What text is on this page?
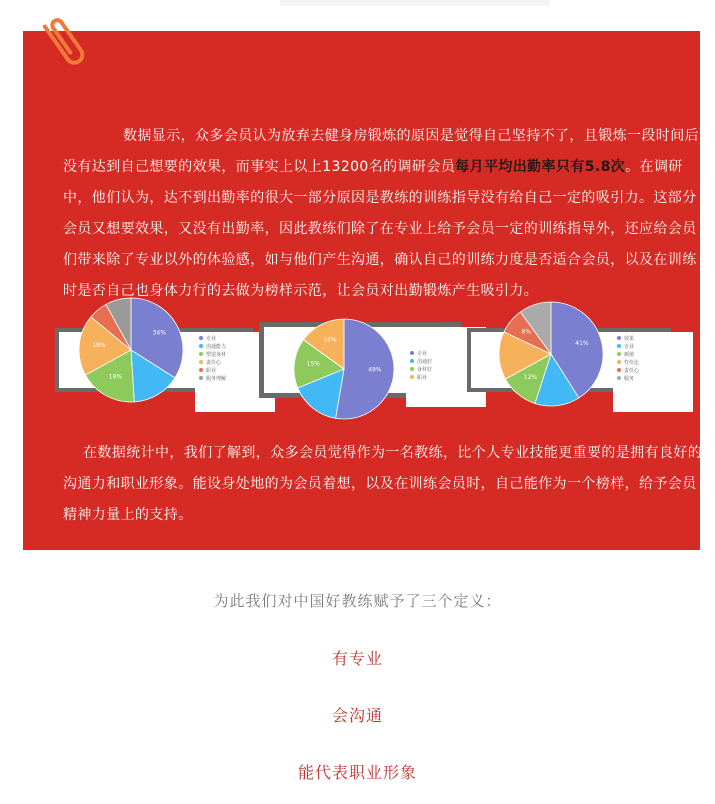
数据显示，众多会员认为放弃去健身房锻炼的原因是觉得自己坚持不了，且锻炼一段时间后没有达到自己想要的效果，而事实上以上13200名的调研会员每月平均出勤率只有5.8次。在调研中，他们认为，达不到出勤率的很大一部分原因是教练的训练指导没有给自己一定的吸引力。这部分会员又想要效果，又没有出勤率，因此教练们除了在专业上给予会员一定的训练指导外，还应给会员们带来除了专业以外的体验感，如与他们产生沟通，确认自己的训练力度是否适合会员，以及在训练时是否自己也身体力行的去做为榜样示范，让会员对出勤锻炼产生吸引力。

34%
18%
19%
专业
沟通能力
塑造身材
责任心
职业
服务理解
49%
15%
14%
专业
沟通好
身材好
职业
41%
12%
8%
效果
专业
颜值
性价比
责任心
服务

在数据统计中，我们了解到，众多会员觉得作为一名教练，比个人专业技能更重要的是拥有良好的沟通力和职业形象。能设身处地的为会员着想，以及在训练会员时，自己能作为一个榜样，给予会员精神力量上的支持。

为此我们对中国好教练赋予了三个定义：
有专业
会沟通
能代表职业形象
